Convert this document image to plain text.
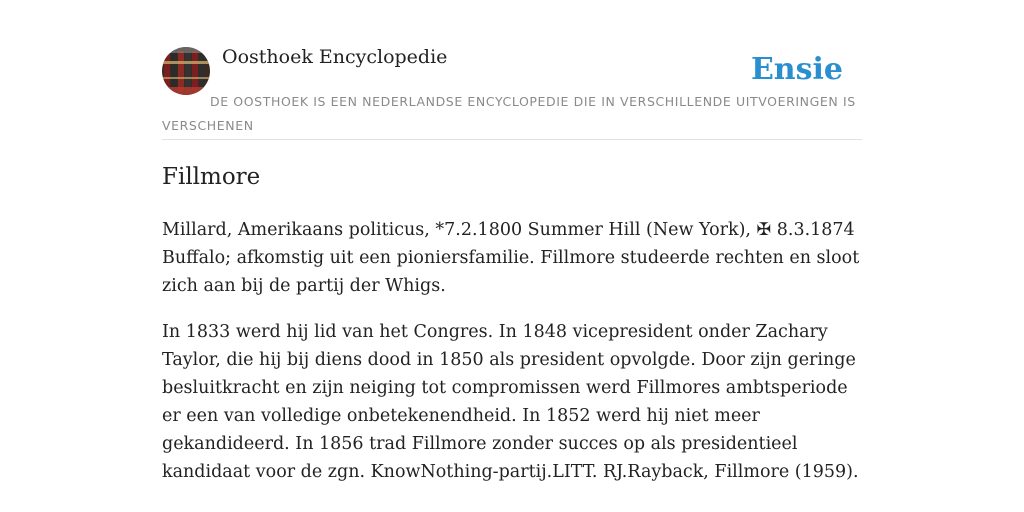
Oosthoek Encyclopedie	Ensie
DE OOSTHOEK IS EEN NEDERLANDSE ENCYCLOPEDIE DIE IN VERSCHILLENDE UITVOERINGEN IS VERSCHENEN
Fillmore

Millard, Amerikaans politicus, *7.2.1800 Summer Hill (New York), ✠ 8.3.1874 Buffalo; afkomstig uit een pioniersfamilie. Fillmore studeerde rechten en sloot zich aan bij de partij der Whigs.

In 1833 werd hij lid van het Congres. In 1848 vicepresident onder Zachary Taylor, die hij bij diens dood in 1850 als president opvolgde. Door zijn geringe besluitkracht en zijn neiging tot compromissen werd Fillmores ambtsperiode er een van volledige onbetekenendheid. In 1852 werd hij niet meer gekandideerd. In 1856 trad Fillmore zonder succes op als presidentieel kandidaat voor de zgn. KnowNothing-partij.LITT. RJ.Rayback, Fillmore (1959).
